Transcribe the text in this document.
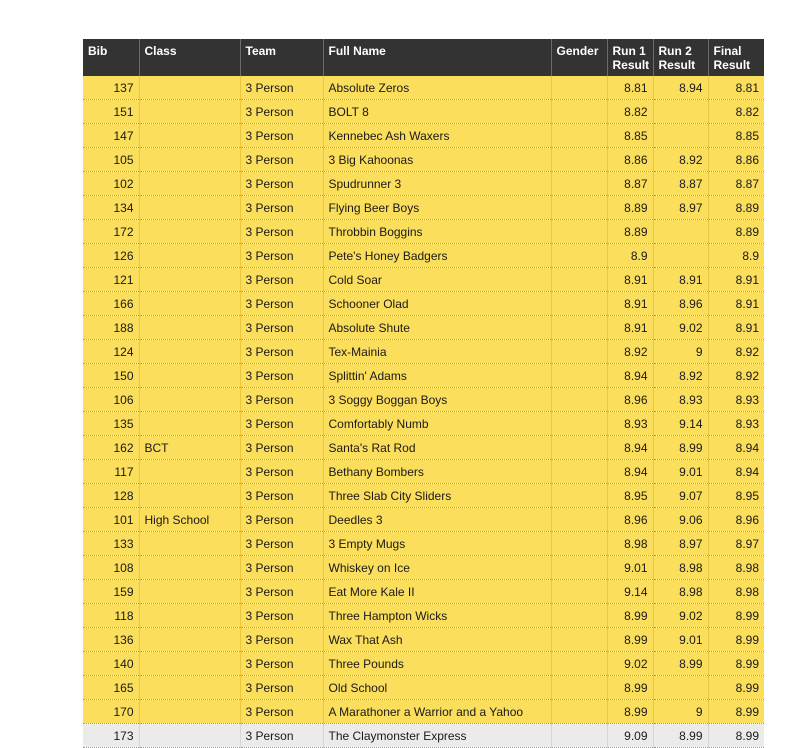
Bib	Class	Team	Full Name	Gender	Run 1 Result	Run 2 Result	Final Result
137		3 Person	Absolute Zeros		8.81	8.94	8.81
151		3 Person	BOLT 8		8.82		8.82
147		3 Person	Kennebec Ash Waxers		8.85		8.85
105		3 Person	3 Big Kahoonas		8.86	8.92	8.86
102		3 Person	Spudrunner 3		8.87	8.87	8.87
134		3 Person	Flying Beer Boys		8.89	8.97	8.89
172		3 Person	Throbbin Boggins		8.89		8.89
126		3 Person	Pete's Honey Badgers		8.9		8.9
121		3 Person	Cold Soar		8.91	8.91	8.91
166		3 Person	Schooner Olad		8.91	8.96	8.91
188		3 Person	Absolute Shute		8.91	9.02	8.91
124		3 Person	Tex-Mainia		8.92	9	8.92
150		3 Person	Splittin' Adams		8.94	8.92	8.92
106		3 Person	3 Soggy Boggan Boys		8.96	8.93	8.93
135		3 Person	Comfortably Numb		8.93	9.14	8.93
162	BCT	3 Person	Santa's Rat Rod		8.94	8.99	8.94
117		3 Person	Bethany Bombers		8.94	9.01	8.94
128		3 Person	Three Slab City Sliders		8.95	9.07	8.95
101	High School	3 Person	Deedles 3		8.96	9.06	8.96
133		3 Person	3 Empty Mugs		8.98	8.97	8.97
108		3 Person	Whiskey on Ice		9.01	8.98	8.98
159		3 Person	Eat More Kale II		9.14	8.98	8.98
118		3 Person	Three Hampton Wicks		8.99	9.02	8.99
136		3 Person	Wax That Ash		8.99	9.01	8.99
140		3 Person	Three Pounds		9.02	8.99	8.99
165		3 Person	Old School		8.99		8.99
170		3 Person	A Marathoner a Warrior and a Yahoo		8.99	9	8.99
173		3 Person	The Claymonster Express		9.09	8.99	8.99
